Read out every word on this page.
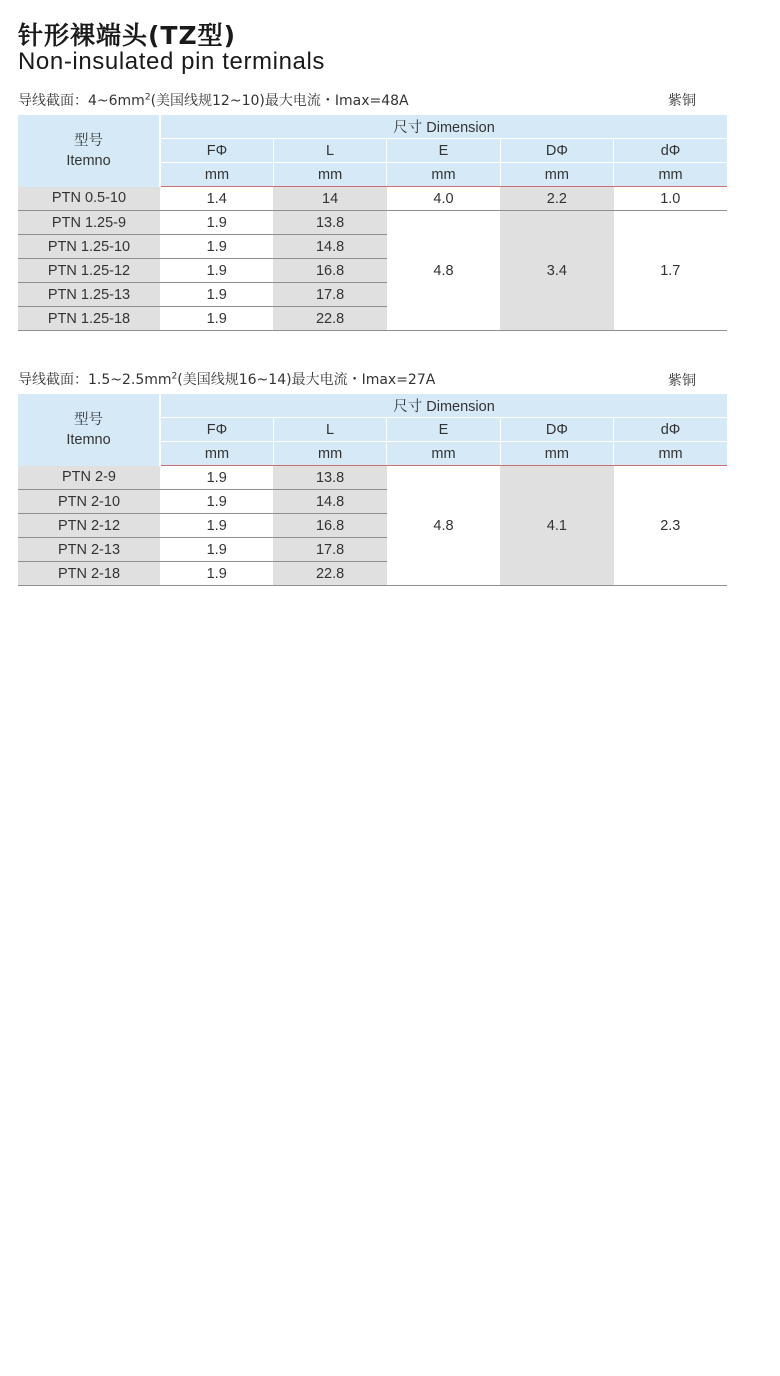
针形裸端头(TZ型)
Non-insulated pin terminals
导线截面：$4\sim 6mm^2$(美国线规12~10)最大电流・Imax=48A	紫铜
型号
Itemno	尺寸 Dimension				
	FΦ	L	E	DΦ	dΦ
	mm	mm	mm	mm	mm
PTN 0.5-10	1.4	14	4.0	2.2	1.0
PTN 1.25-9	1.9	13.8	4.8	3.4	1.7
PTN 1.25-10	1.9	14.8			
PTN 1.25-12	1.9	16.8			
PTN 1.25-13	1.9	17.8			
PTN 1.25-18	1.9	22.8			
导线截面：$1.5\sim 2.5mm^2$(美国线规16~14)最大电流・Imax=27A	紫铜
型号
Itemno	尺寸 Dimension				
	FΦ	L	E	DΦ	dΦ
	mm	mm	mm	mm	mm
PTN 2-9	1.9	13.8	4.8	4.1	2.3
PTN 2-10	1.9	14.8			
PTN 2-12	1.9	16.8			
PTN 2-13	1.9	17.8			
PTN 2-18	1.9	22.8			
